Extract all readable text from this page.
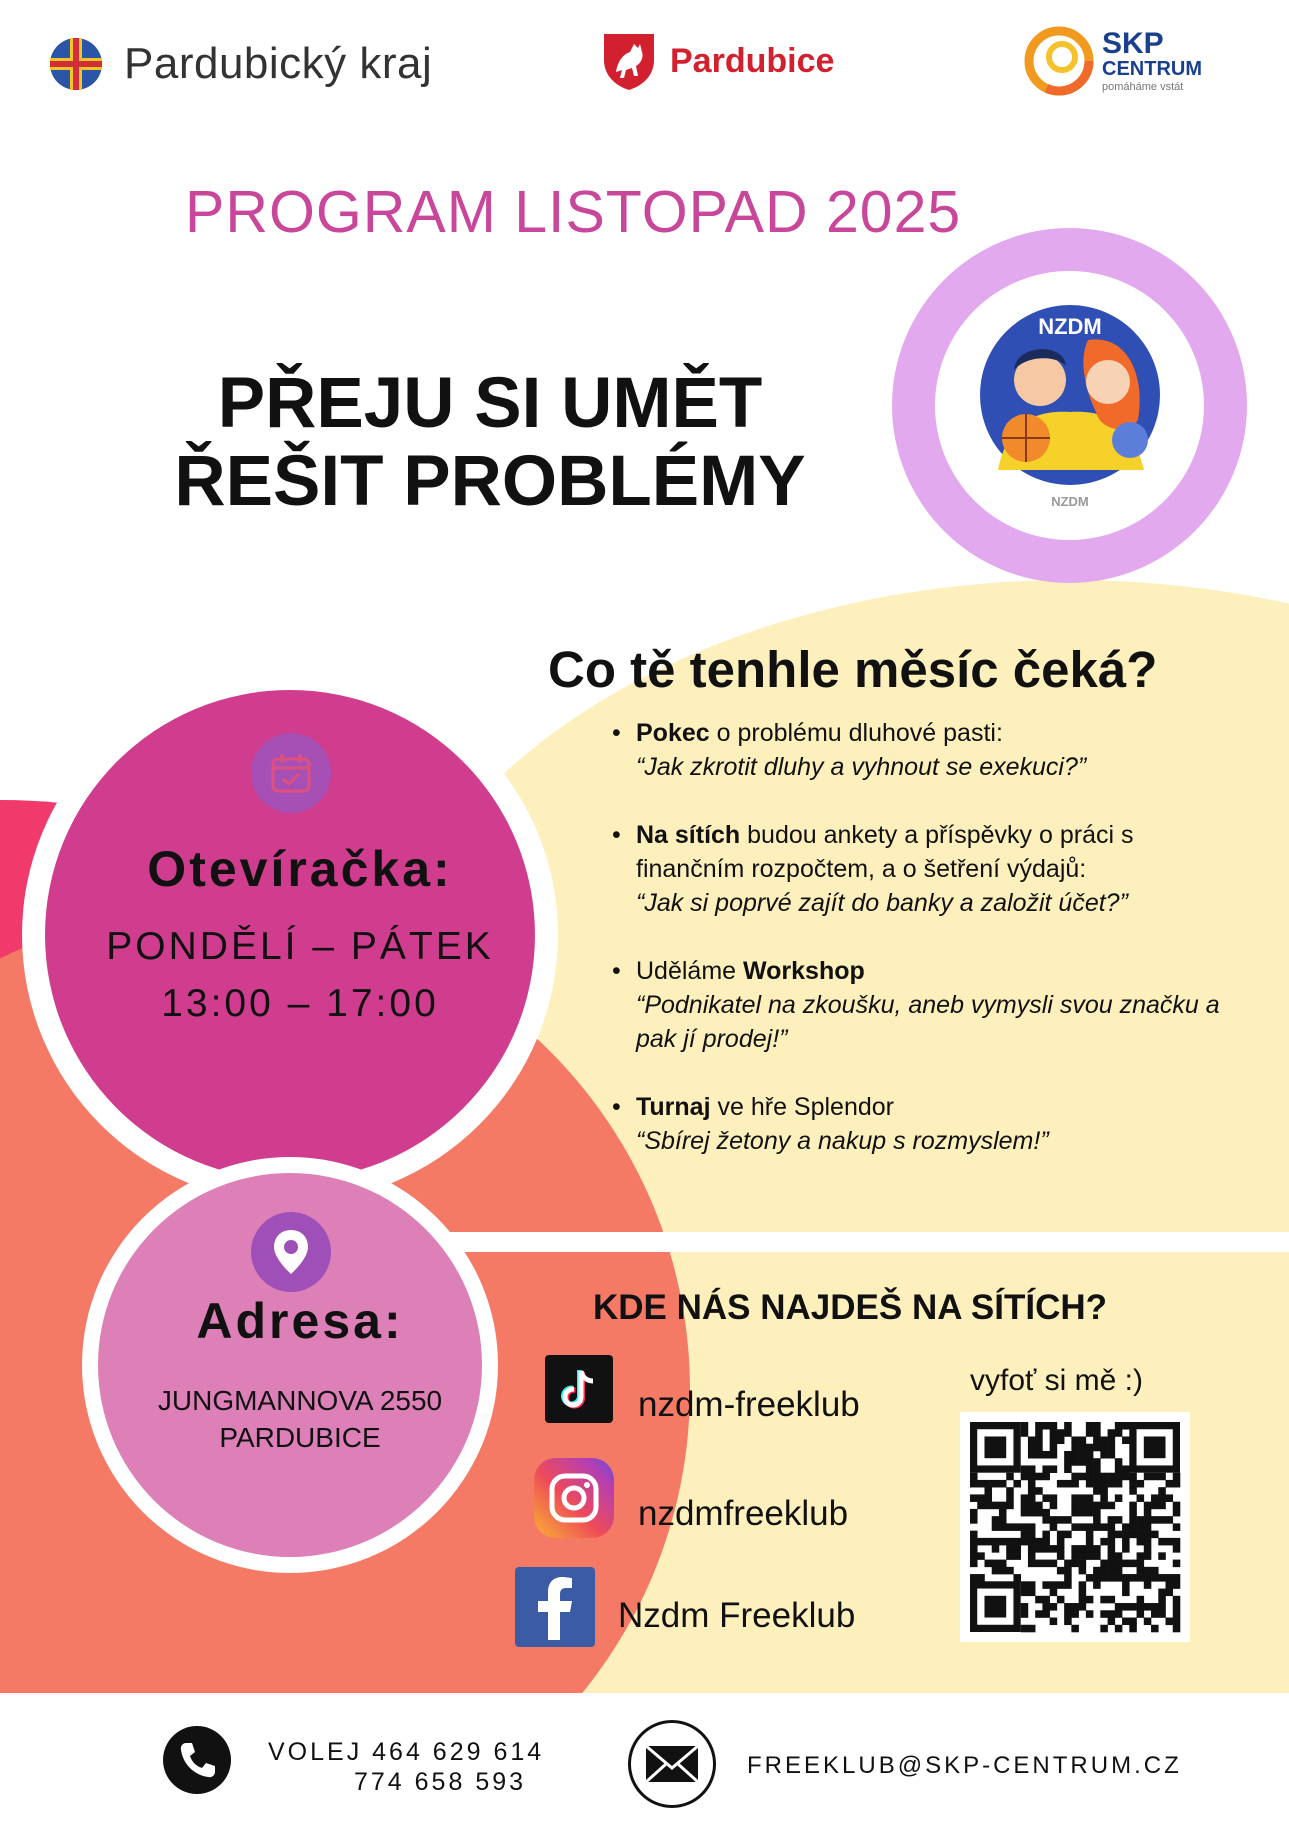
Pardubický kraj	Pardubice	SKP
CENTRUM
pomáháme vstát
PROGRAM LISTOPAD 2025
PŘEJU SI UMĚT
ŘEŠIT PROBLÉMY
NZDM
NZDM
Co tě tenhle měsíc čeká?
• Pokec o problému dluhové pasti:
“Jak zkrotit dluhy a vyhnout se exekuci?”
• Na sítích budou ankety a příspěvky o práci s finančním rozpočtem, a o šetření výdajů:
“Jak si poprvé zajít do banky a založit účet?”
• Uděláme Workshop
“Podnikatel na zkoušku, aneb vymysli svou značku a pak jí prodej!”
• Turnaj ve hře Splendor
“Sbírej žetony a nakup s rozmyslem!”
Otevíračka:
PONDĚLÍ – PÁTEK
13:00 – 17:00
Adresa:
JUNGMANNOVA 2550
PARDUBICE
KDE NÁS NAJDEŠ NA SÍTÍCH?
nzdm-freeklub
nzdmfreeklub
Nzdm Freeklub
vyfoť si mě :)
VOLEJ 464 629 614
774 658 593
FREEKLUB@SKP-CENTRUM.CZ
